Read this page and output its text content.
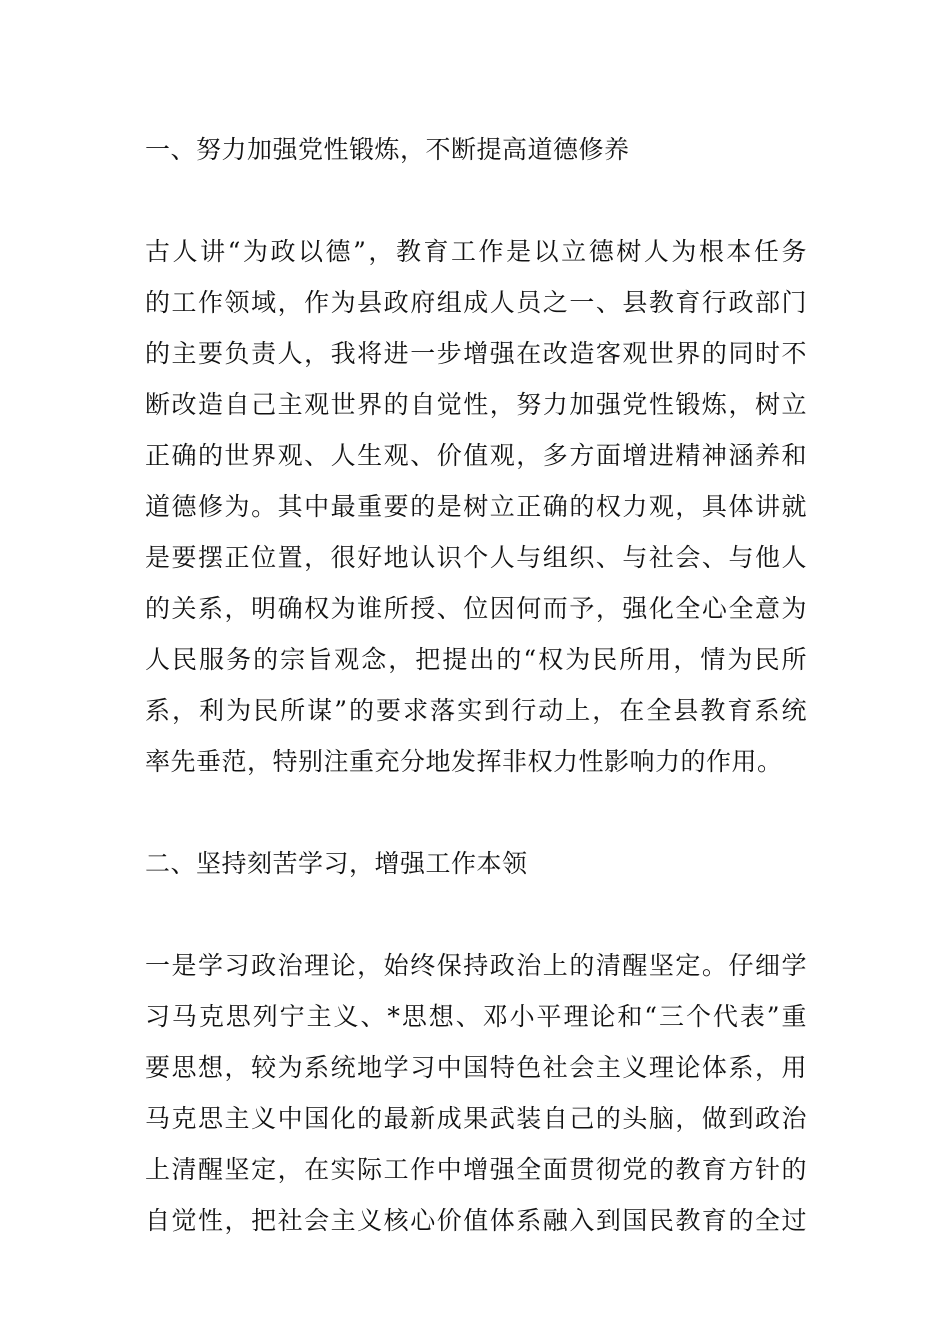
一、努力加强党性锻炼，不断提高道德修养
古人讲“为政以德”，教育工作是以立德树人为根本任务
的工作领域，作为县政府组成人员之一、县教育行政部门
的主要负责人，我将进一步增强在改造客观世界的同时不
断改造自己主观世界的自觉性，努力加强党性锻炼，树立
正确的世界观、人生观、价值观，多方面增进精神涵养和
道德修为。其中最重要的是树立正确的权力观，具体讲就
是要摆正位置，很好地认识个人与组织、与社会、与他人
的关系，明确权为谁所授、位因何而予，强化全心全意为
人民服务的宗旨观念，把提出的“权为民所用，情为民所
系，利为民所谋”的要求落实到行动上，在全县教育系统
率先垂范，特别注重充分地发挥非权力性影响力的作用。
二、坚持刻苦学习，增强工作本领
一是学习政治理论，始终保持政治上的清醒坚定。仔细学
习马克思列宁主义、*思想、邓小平理论和“三个代表”重
要思想，较为系统地学习中国特色社会主义理论体系，用
马克思主义中国化的最新成果武装自己的头脑，做到政治
上清醒坚定，在实际工作中增强全面贯彻党的教育方针的
自觉性，把社会主义核心价值体系融入到国民教育的全过
